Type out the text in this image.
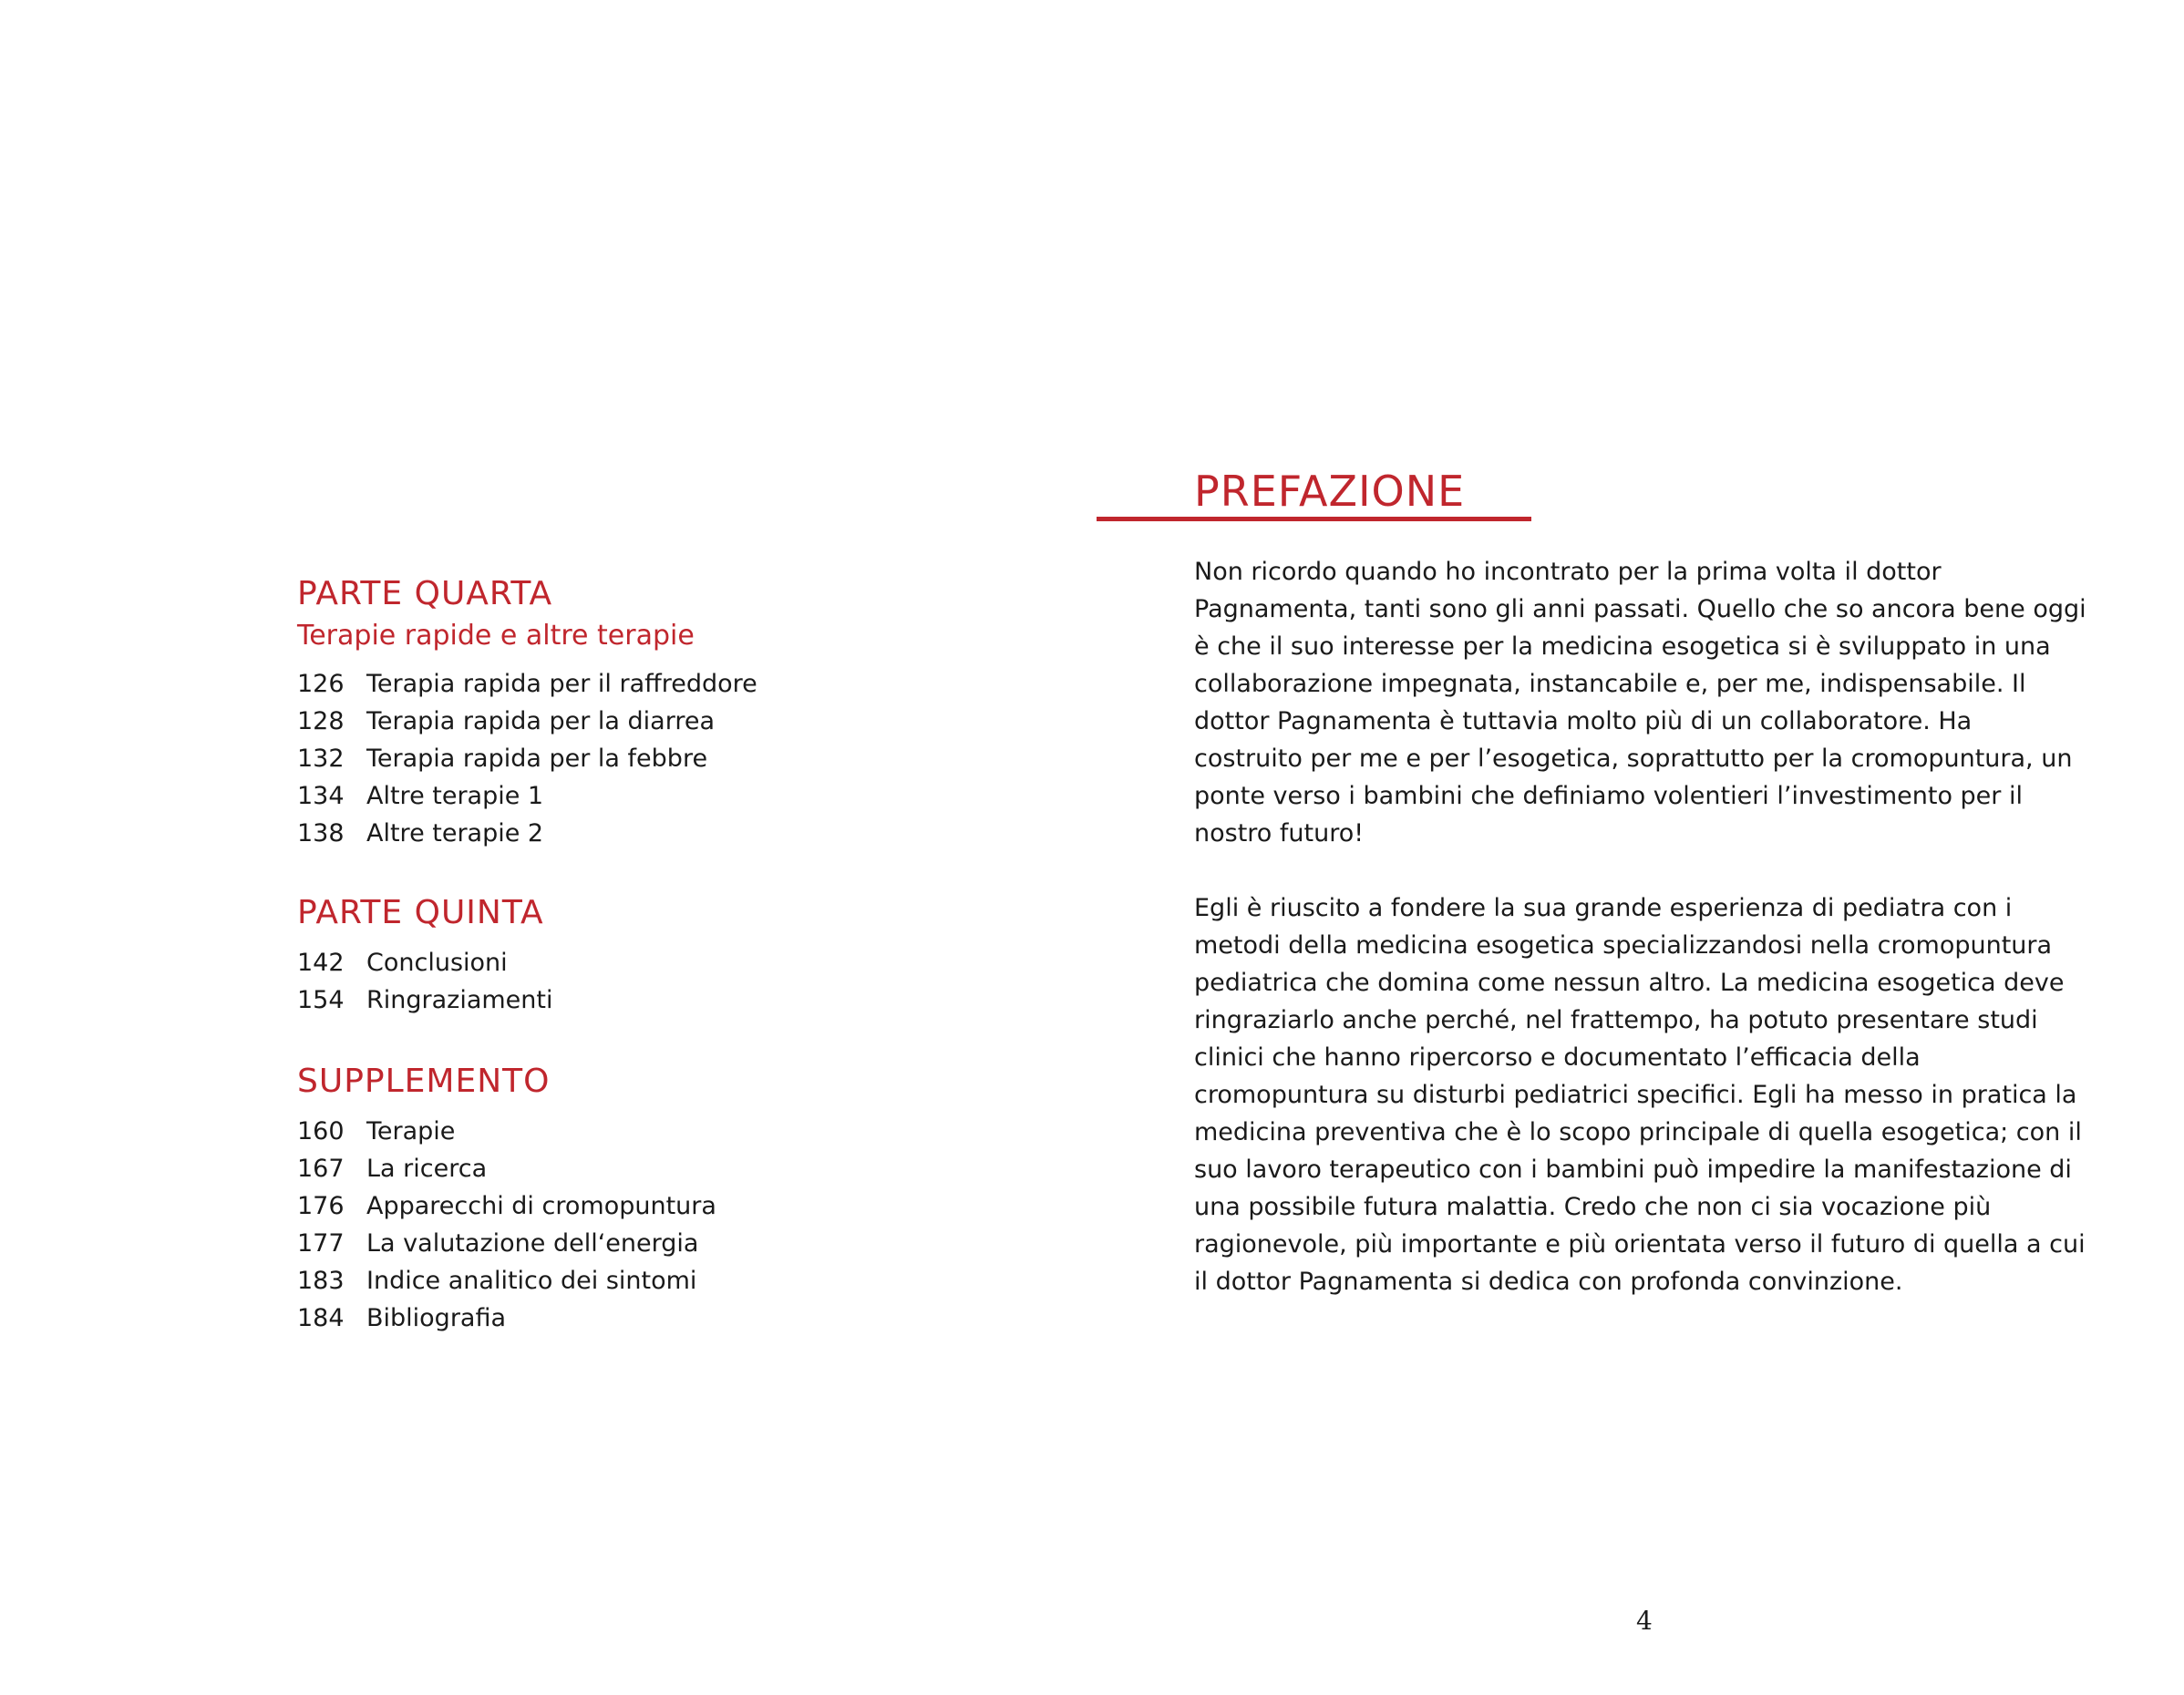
PARTE QUARTA
Terapie rapide e altre terapie
126 Terapia rapida per il raffreddore
128 Terapia rapida per la diarrea
132 Terapia rapida per la febbre
134 Altre terapie 1
138 Altre terapie 2
PARTE QUINTA
142 Conclusioni
154 Ringraziamenti
SUPPLEMENTO
160 Terapie
167 La ricerca
176 Apparecchi di cromopuntura
177 La valutazione dell‘energia
183 Indice analitico dei sintomi
184 Bibliografia
PREFAZIONE

Non ricordo quando ho incontrato per la prima volta il dottor Pagnamenta, tanti sono gli anni passati. Quello che so ancora bene oggi è che il suo interesse per la medicina esogetica si è sviluppato in una collaborazione impegnata, instancabile e, per me, indispensabile. Il dottor Pagnamenta è tuttavia molto più di un collaboratore. Ha costruito per me e per l’esogetica, soprattutto per la cromopuntura, un ponte verso i bambini che definiamo volentieri l’investimento per il nostro futuro!

Egli è riuscito a fondere la sua grande esperienza di pediatra con i metodi della medicina esogetica specializzandosi nella cromopuntura pediatrica che domina come nessun altro. La medicina esogetica deve ringraziarlo anche perché, nel frattempo, ha potuto presentare studi clinici che hanno ripercorso e documentato l’efficacia della cromopuntura su disturbi pediatrici specifici. Egli ha messo in pratica la medicina preventiva che è lo scopo principale di quella esogetica; con il suo lavoro terapeutico con i bambini può impedire la manifestazione di una possibile futura malattia. Credo che non ci sia vocazione più ragionevole, più importante e più orientata verso il futuro di quella a cui il dottor Pagnamenta si dedica con profonda convinzione.

4
